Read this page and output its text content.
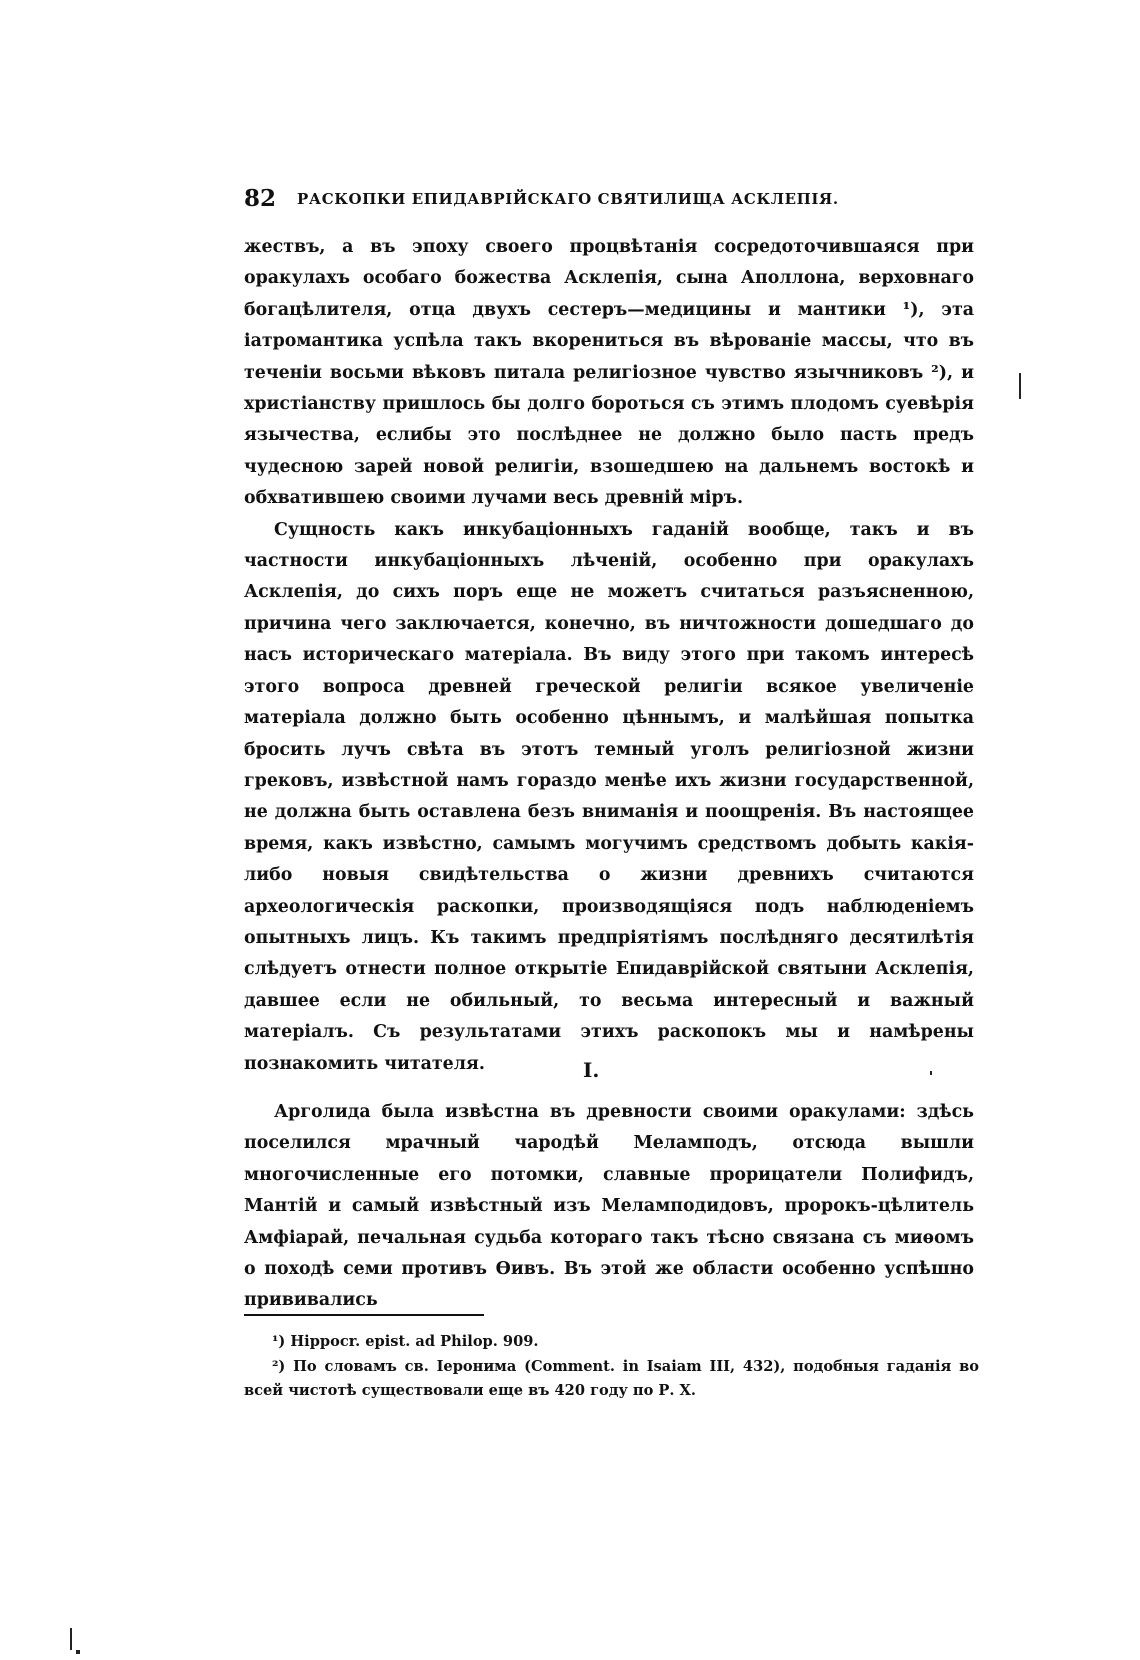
82 РАСКОПКИ ЕПИДАВРІЙСКАГО СВЯТИЛИЩА АСКЛЕПІЯ.

жествъ, а въ эпоху своего процвѣтанія сосредоточившаяся при оракулахъ особаго божества Асклепія, сына Аполлона, верховнаго богацѣлителя, отца двухъ сестеръ—медицины и мантики ¹), эта іатромантика успѣла такъ вкорениться въ вѣрованіе массы, что въ теченіи восьми вѣковъ питала религіозное чувство язычниковъ ²), и христіанству пришлось бы долго бороться съ этимъ плодомъ суевѣрія язычества, еслибы это послѣднее не должно было пасть предъ чудесною зарей новой религіи, взошедшею на дальнемъ востокѣ и обхватившею своими лучами весь древній міръ.

Сущность какъ инкубаціонныхъ гаданій вообще, такъ и въ частности инкубаціонныхъ лѣченій, особенно при оракулахъ Асклепія, до сихъ поръ еще не можетъ считаться разъясненною, причина чего заключается, конечно, въ ничтожности дошедшаго до насъ историческаго матеріала. Въ виду этого при такомъ интересѣ этого вопроса древней греческой религіи всякое увеличеніе матеріала должно быть особенно цѣннымъ, и малѣйшая попытка бросить лучъ свѣта въ этотъ темный уголъ религіозной жизни грековъ, извѣстной намъ гораздо менѣе ихъ жизни государственной, не должна быть оставлена безъ вниманія и поощренія. Въ настоящее время, какъ извѣстно, самымъ могучимъ средствомъ добыть какія-либо новыя свидѣтельства о жизни древнихъ считаются археологическія раскопки, производящіяся подъ наблюденіемъ опытныхъ лицъ. Къ такимъ предпріятіямъ послѣдняго десятилѣтія слѣдуетъ отнести полное открытіе Епидаврійской святыни Асклепія, давшее если не обильный, то весьма интересный и важный матеріалъ. Съ результатами этихъ раскопокъ мы и намѣрены познакомить читателя.	I.

Арголида была извѣстна въ древности своими оракулами: здѣсь поселился мрачный чародѣй Меламподъ, отсюда вышли многочисленные его потомки, славные прорицатели Полифидъ, Мантій и самый извѣстный изъ Меламподидовъ, пророкъ-цѣлитель Амфіарай, печальная судьба котораго такъ тѣсно связана съ миѳомъ о походѣ семи противъ Ѳивъ. Въ этой же области особенно успѣшно прививались

¹) Hippocr. epist. ad Philop. 909.

²) По словамъ св. Іеронима (Comment. in Isaiam III, 432), подобныя гаданія во всей чистотѣ существовали еще въ 420 году по Р. Х.
